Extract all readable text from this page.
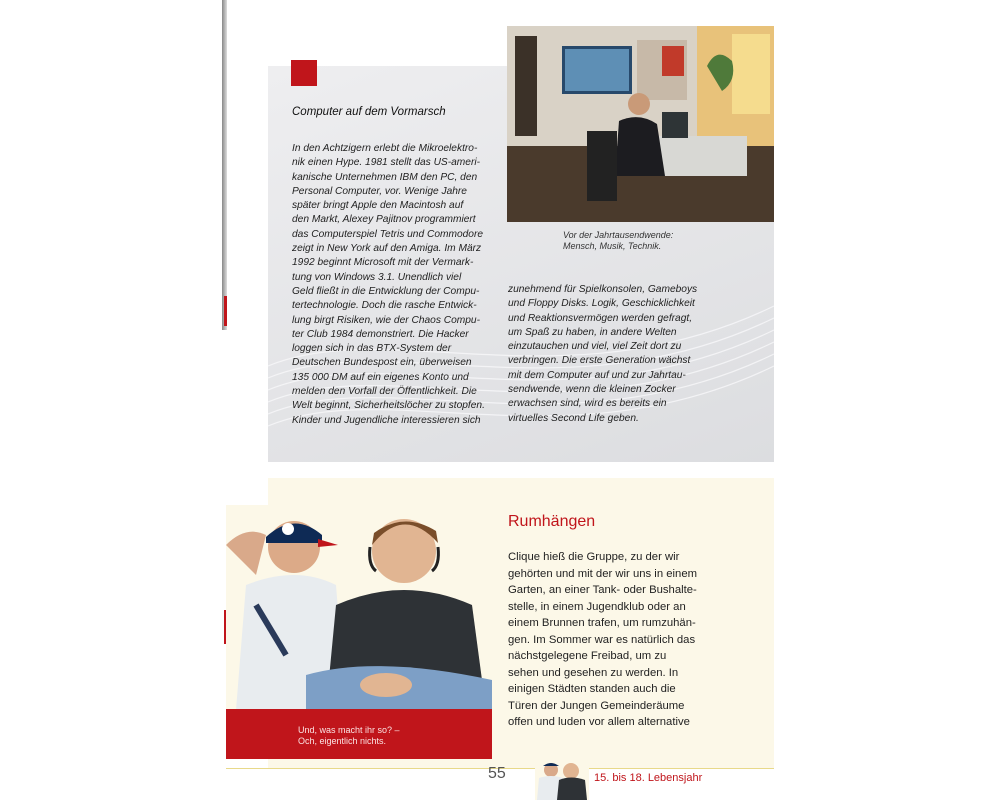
Computer auf dem Vormarsch
In den Achtzigern erlebt die Mikroelektro-
nik einen Hype. 1981 stellt das US-ameri-
kanische Unternehmen IBM den PC, den
Personal Computer, vor. Wenige Jahre
später bringt Apple den Macintosh auf
den Markt, Alexey Pajitnov programmiert
das Computerspiel Tetris und Commodore
zeigt in New York auf den Amiga. Im März
1992 beginnt Microsoft mit der Vermark-
tung von Windows 3.1. Unendlich viel
Geld fließt in die Entwicklung der Compu-
tertechnologie. Doch die rasche Entwick-
lung birgt Risiken, wie der Chaos Compu-
ter Club 1984 demonstriert. Die Hacker
loggen sich in das BTX-System der
Deutschen Bundespost ein, überweisen
135 000 DM auf ein eigenes Konto und
melden den Vorfall der Öffentlichkeit. Die
Welt beginnt, Sicherheitslöcher zu stopfen.
Kinder und Jugendliche interessieren sich
zunehmend für Spielkonsolen, Gameboys
und Floppy Disks. Logik, Geschicklichkeit
und Reaktionsvermögen werden gefragt,
um Spaß zu haben, in andere Welten
einzutauchen und viel, viel Zeit dort zu
verbringen. Die erste Generation wächst
mit dem Computer auf und zur Jahrtau-
sendwende, wenn die kleinen Zocker
erwachsen sind, wird es bereits ein
virtuelles Second Life geben.
Vor der Jahrtausendwende:
Mensch, Musik, Technik.
Rumhängen
Clique hieß die Gruppe, zu der wir
gehörten und mit der wir uns in einem
Garten, an einer Tank- oder Bushalte-
stelle, in einem Jugendklub oder an
einem Brunnen trafen, um rumzuhän-
gen. Im Sommer war es natürlich das
nächstgelegene Freibad, um zu
sehen und gesehen zu werden. In
einigen Städten standen auch die
Türen der Jungen Gemeinderäume
offen und luden vor allem alternative
Und, was macht ihr so? –
Och, eigentlich nichts.
55	15. bis 18. Lebensjahr
